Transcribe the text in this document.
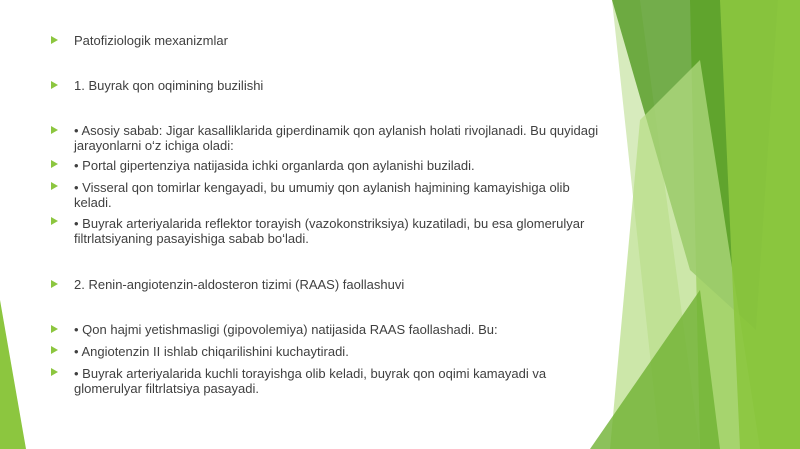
Patofiziologik mexanizmlar
1. Buyrak qon oqimining buzilishi
• Asosiy sabab: Jigar kasalliklarida giperdinamik qon aylanish holati rivojlanadi. Bu quyidagi jarayonlarni o‘z ichiga oladi:
• Portal gipertenziya natijasida ichki organlarda qon aylanishi buziladi.
• Visseral qon tomirlar kengayadi, bu umumiy qon aylanish hajmining kamayishiga olib keladi.
• Buyrak arteriyalarida reflektor torayish (vazokonstriksiya) kuzatiladi, bu esa glomerulyar filtrlatsiyaning pasayishiga sabab bo‘ladi.
2. Renin-angiotenzin-aldosteron tizimi (RAAS) faollashuvi
• Qon hajmi yetishmasligi (gipovolemiya) natijasida RAAS faollashadi. Bu:
• Angiotenzin II ishlab chiqarilishini kuchaytiradi.
• Buyrak arteriyalarida kuchli torayishga olib keladi, buyrak qon oqimi kamayadi va glomerulyar filtrlatsiya pasayadi.
